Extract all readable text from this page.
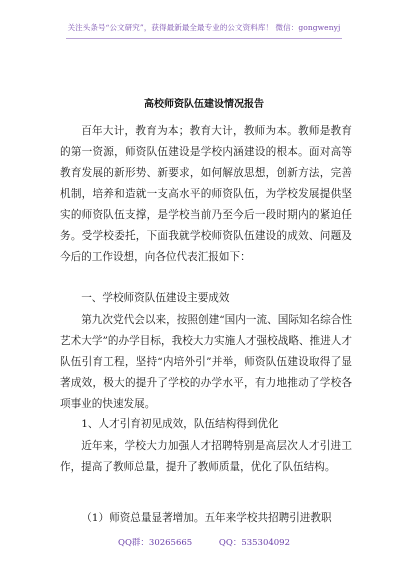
关注头条号“公文研究”，获得最新最全最专业的公文资料库！ 微信：gongwenyj
高校师资队伍建设情况报告

百年大计，教育为本；教育大计，教师为本。教师是教育的第一资源，师资队伍建设是学校内涵建设的根本。面对高等教育发展的新形势、新要求，如何解放思想，创新方法，完善机制，培养和造就一支高水平的师资队伍，为学校发展提供坚实的师资队伍支撑，是学校当前乃至今后一段时期内的紧迫任务。受学校委托，下面我就学校师资队伍建设的成效、问题及今后的工作设想，向各位代表汇报如下：

一、学校师资队伍建设主要成效

第九次党代会以来，按照创建“国内一流、国际知名综合性艺术大学”的办学目标，我校大力实施人才强校战略、推进人才队伍引育工程，坚持“内培外引”并举，师资队伍建设取得了显著成效，极大的提升了学校的办学水平，有力地推动了学校各项事业的快速发展。

1、人才引育初见成效，队伍结构得到优化

近年来，学校大力加强人才招聘特别是高层次人才引进工作，提高了教师总量，提升了教师质量，优化了队伍结构。

（1）师资总量显著增加。五年来学校共招聘引进教职

QQ群：30265665	QQ：535304092
